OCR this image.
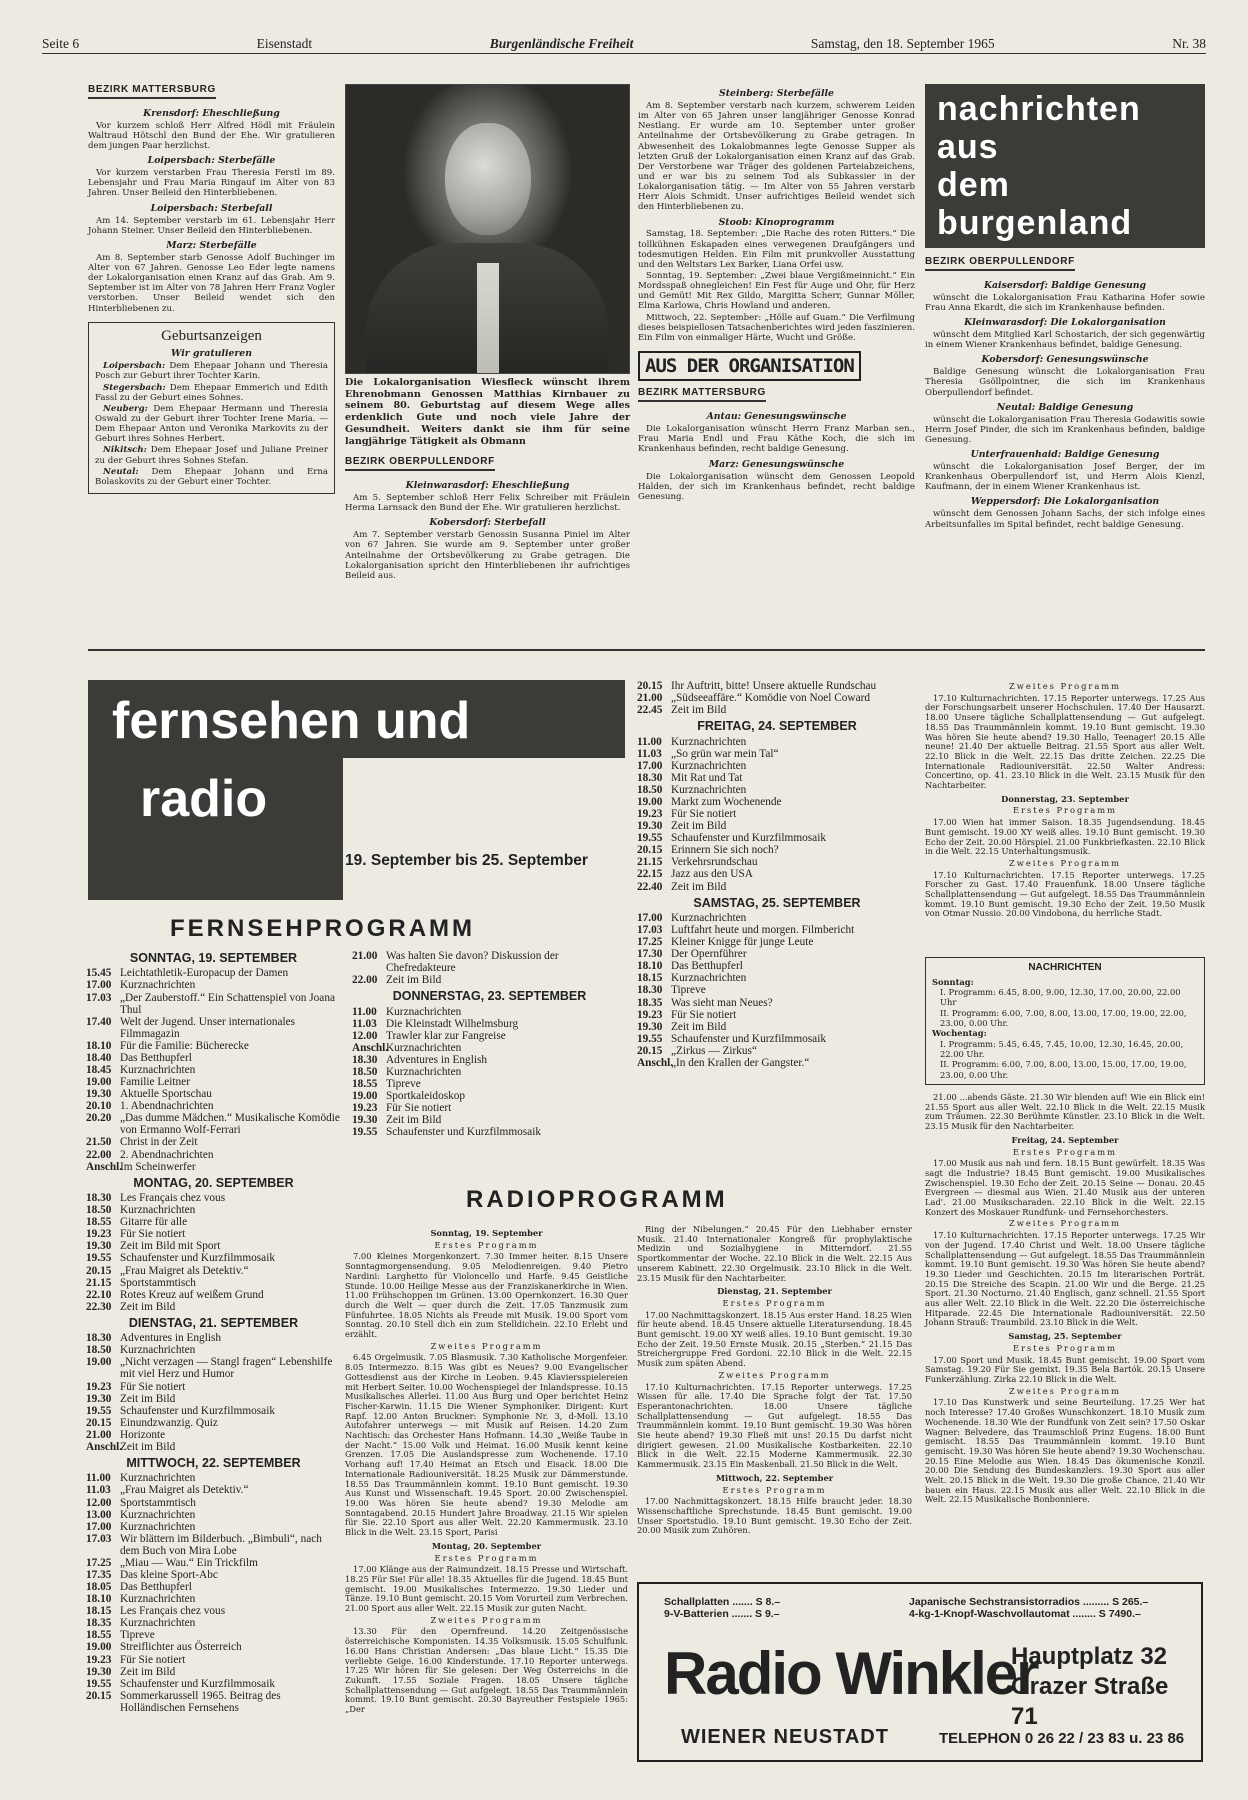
Seite 6	Eisenstadt	Burgenländische Freiheit	Samstag, den 18. September 1965	Nr. 38
BEZIRK MATTERSBURG
Krensdorf: Eheschließung
Vor kurzem schloß Herr Alfred Hödl mit Fräulein Waltraud Hötschl den Bund der Ehe. Wir gratulieren dem jungen Paar herzlichst.
Loipersbach: Sterbefälle
Vor kurzem verstarben Frau Theresia Ferstl im 89. Lebensjahr und Frau Maria Ringauf im Alter von 83 Jahren. Unser Beileid den Hinterbliebenen.
Loipersbach: Sterbefall
Am 14. September verstarb im 61. Lebensjahr Herr Johann Steiner. Unser Beileid den Hinterbliebenen.
Marz: Sterbefälle
Am 8. September starb Genosse Adolf Buchinger im Alter von 67 Jahren. Genosse Leo Eder legte namens der Lokalorganisation einen Kranz auf das Grab. Am 9. September ist im Alter von 78 Jahren Herr Franz Vogler verstorben. Unser Beileid wendet sich den Hinterbliebenen zu.
Geburtsanzeigen
Wir gratulieren
Loipersbach: Dem Ehepaar Johann und Theresia Posch zur Geburt ihrer Tochter Karin.
Stegersbach: Dem Ehepaar Emmerich und Edith Fassl zu der Geburt eines Sohnes.
Neuberg: Dem Ehepaar Hermann und Theresia Oswald zu der Geburt ihrer Tochter Irene Maria. — Dem Ehepaar Anton und Veronika Markovits zu der Geburt ihres Sohnes Herbert.
Nikitsch: Dem Ehepaar Josef und Juliane Preiner zu der Geburt ihres Sohnes Stefan.
Neutal: Dem Ehepaar Johann und Erna Bolaskovits zu der Geburt einer Tochter.
Die Lokalorganisation Wiesfleck wünscht ihrem Ehrenobmann Genossen Matthias Kirnbauer zu seinem 80. Geburtstag auf diesem Wege alles erdenklich Gute und noch viele Jahre der Gesundheit. Weiters dankt sie ihm für seine langjährige Tätigkeit als Obmann
BEZIRK OBERPULLENDORF
Kleinwarasdorf: Eheschließung
Am 5. September schloß Herr Felix Schreiber mit Fräulein Herma Larnsack den Bund der Ehe. Wir gratulieren herzlichst.
Kobersdorf: Sterbefall
Am 7. September verstarb Genossin Susanna Piniel im Alter von 67 Jahren. Sie wurde am 9. September unter großer Anteilnahme der Ortsbevölkerung zu Grabe getragen. Die Lokalorganisation spricht den Hinterbliebenen ihr aufrichtiges Beileid aus.
Steinberg: Sterbefälle
Am 8. September verstarb nach kurzem, schwerem Leiden im Alter von 65 Jahren unser langjähriger Genosse Konrad Nestlang. Er wurde am 10. September unter großer Anteilnahme der Ortsbevölkerung zu Grabe getragen. In Abwesenheit des Lokalobmannes legte Genosse Supper als letzten Gruß der Lokalorganisation einen Kranz auf das Grab. Der Verstorbene war Träger des goldenen Parteiabzeichens, und er war bis zu seinem Tod als Subkassier in der Lokalorganisation tätig. — Im Alter von 55 Jahren verstarb Herr Alois Schmidt. Unser aufrichtiges Beileid wendet sich den Hinterbliebenen zu.
Stoob: Kinoprogramm
Samstag, 18. September: „Die Rache des roten Ritters.“ Die tollkühnen Eskapaden eines verwegenen Draufgängers und todesmutigen Helden. Ein Film mit prunkvoller Ausstattung und den Weltstars Lex Barker, Liana Orfei usw.
Sonntag, 19. September: „Zwei blaue Vergißmeinnicht.“ Ein Mordsspaß ohnegleichen! Ein Fest für Auge und Ohr, für Herz und Gemüt! Mit Rex Gildo, Margitta Scherr, Gunnar Möller, Elma Karlowa, Chris Howland und anderen.
Mittwoch, 22. September: „Hölle auf Guam.“ Die Verfilmung dieses beispiellosen Tatsachenberichtes wird jeden faszinieren. Ein Film von einmaliger Härte, Wucht und Größe.
AUS DER ORGANISATION
BEZIRK MATTERSBURG
Antau: Genesungswünsche
Die Lokalorganisation wünscht Herrn Franz Marban sen., Frau Maria Endl und Frau Käthe Koch, die sich im Krankenhaus befinden, recht baldige Genesung.
Marz: Genesungswünsche
Die Lokalorganisation wünscht dem Genossen Leopold Halden, der sich im Krankenhaus befindet, recht baldige Genesung.
nachrichten
aus
dem
burgenland
BEZIRK OBERPULLENDORF
Kaisersdorf: Baldige Genesung
wünscht die Lokalorganisation Frau Katharina Hofer sowie Frau Anna Ekardt, die sich im Krankenhause befinden.
Kleinwarasdorf: Die Lokalorganisation
wünscht dem Mitglied Karl Schostarich, der sich gegenwärtig in einem Wiener Krankenhaus befindet, baldige Genesung.
Kobersdorf: Genesungswünsche
Baldige Genesung wünscht die Lokalorganisation Frau Theresia Gsöllpointner, die sich im Krankenhaus Oberpullendorf befindet.
Neutal: Baldige Genesung
wünscht die Lokalorganisation Frau Theresia Godawitis sowie Herrn Josef Pinder, die sich im Krankenhaus befinden, baldige Genesung.
Unterfrauenhaid: Baldige Genesung
wünscht die Lokalorganisation Josef Berger, der im Krankenhaus Oberpullendorf ist, und Herrn Alois Kienzl, Kaufmann, der in einem Wiener Krankenhaus ist.
Weppersdorf: Die Lokalorganisation
wünscht dem Genossen Johann Sachs, der sich infolge eines Arbeitsunfalles im Spital befindet, recht baldige Genesung.
fernsehen und
radio
19. September bis 25. September
FERNSEHPROGRAMM
SONNTAG, 19. SEPTEMBER
15.45 Leichtathletik-Europacup der Damen
17.00 Kurznachrichten
17.03 „Der Zauberstoff.“ Ein Schattenspiel von Joana Thul
17.40 Welt der Jugend. Unser internationales Filmmagazin
18.10 Für die Familie: Bücherecke
18.40 Das Betthupferl
18.45 Kurznachrichten
19.00 Familie Leitner
19.30 Aktuelle Sportschau
20.10 1. Abendnachrichten
20.20 „Das dumme Mädchen.“ Musikalische Komödie von Ermanno Wolf-Ferrari
21.50 Christ in der Zeit
22.00 2. Abendnachrichten
Anschl.Im Scheinwerfer
MONTAG, 20. SEPTEMBER
18.30 Les Français chez vous
18.50 Kurznachrichten
18.55 Gitarre für alle
19.23 Für Sie notiert
19.30 Zeit im Bild mit Sport
19.55 Schaufenster und Kurzfilmmosaik
20.15 „Frau Maigret als Detektiv.“
21.15 Sportstammtisch
22.10 Rotes Kreuz auf weißem Grund
22.30 Zeit im Bild
DIENSTAG, 21. SEPTEMBER
18.30 Adventures in English
18.50 Kurznachrichten
19.00 „Nicht verzagen — Stangl fragen“ Lebenshilfe mit viel Herz und Humor
19.23 Für Sie notiert
19.30 Zeit im Bild
19.55 Schaufenster und Kurzfilmmosaik
20.15 Einundzwanzig. Quiz
21.00 Horizonte
Anschl.Zeit im Bild
MITTWOCH, 22. SEPTEMBER
11.00 Kurznachrichten
11.03 „Frau Maigret als Detektiv.“
12.00 Sportstammtisch
13.00 Kurznachrichten
17.00 Kurznachrichten
17.03 Wir blättern im Bilderbuch. „Bimbuli“, nach dem Buch von Mira Lobe
17.25 „Miau — Wau.“ Ein Trickfilm
17.35 Das kleine Sport-Abc
18.05 Das Betthupferl
18.10 Kurznachrichten
18.15 Les Français chez vous
18.35 Kurznachrichten
18.55 Tipreve
19.00 Streiflichter aus Österreich
19.23 Für Sie notiert
19.30 Zeit im Bild
19.55 Schaufenster und Kurzfilmmosaik
20.15 Sommerkarussell 1965. Beitrag des Holländischen Fernsehens
21.00 Was halten Sie davon? Diskussion der Chefredakteure
22.00 Zeit im Bild
DONNERSTAG, 23. SEPTEMBER
11.00 Kurznachrichten
11.03 Die Kleinstadt Wilhelmsburg
12.00 Trawler klar zur Fangreise
Anschl.Kurznachrichten
18.30 Adventures in English
18.50 Kurznachrichten
18.55 Tipreve
19.00 Sportkaleidoskop
19.23 Für Sie notiert
19.30 Zeit im Bild
19.55 Schaufenster und Kurzfilmmosaik
20.15 Ihr Auftritt, bitte! Unsere aktuelle Rundschau
21.00 „Südseeaffäre.“ Komödie von Noel Coward
22.45 Zeit im Bild
FREITAG, 24. SEPTEMBER
11.00 Kurznachrichten
11.03 „So grün war mein Tal“
17.00 Kurznachrichten
18.30 Mit Rat und Tat
18.50 Kurznachrichten
19.00 Markt zum Wochenende
19.23 Für Sie notiert
19.30 Zeit im Bild
19.55 Schaufenster und Kurzfilmmosaik
20.15 Erinnern Sie sich noch?
21.15 Verkehrsrundschau
22.15 Jazz aus den USA
22.40 Zeit im Bild
SAMSTAG, 25. SEPTEMBER
17.00 Kurznachrichten
17.03 Luftfahrt heute und morgen. Filmbericht
17.25 Kleiner Knigge für junge Leute
17.30 Der Opernführer
18.10 Das Betthupferl
18.15 Kurznachrichten
18.30 Tipreve
18.35 Was sieht man Neues?
19.23 Für Sie notiert
19.30 Zeit im Bild
19.55 Schaufenster und Kurzfilmmosaik
20.15 „Zirkus — Zirkus“
Anschl.„In den Krallen der Gangster.“
RADIOPROGRAMM
Sonntag, 19. September
Erstes Programm
7.00 Kleines Morgenkonzert. 7.30 Immer heiter. 8.15 Unsere Sonntagmorgensendung. 9.05 Melodienreigen. 9.40 Pietro Nardini: Larghetto für Violoncello und Harfe. 9.45 Geistliche Stunde. 10.00 Heilige Messe aus der Franziskanerkirche in Wien. 11.00 Frühschoppen im Grünen. 13.00 Opernkonzert. 16.30 Quer durch die Welt — quer durch die Zeit. 17.05 Tanzmusik zum Fünfuhrtee. 18.05 Nichts als Freude mit Musik. 19.00 Sport vom Sonntag. 20.10 Stell dich ein zum Stelldichein. 22.10 Erlebt und erzählt.
Zweites Programm
6.45 Orgelmusik. 7.05 Blasmusik. 7.30 Katholische Morgenfeier. 8.05 Intermezzo. 8.15 Was gibt es Neues? 9.00 Evangelischer Gottesdienst aus der Kirche in Leoben. 9.45 Klaviersspielereien mit Herbert Seiter. 10.00 Wochenspiegel der Inlandspresse. 10.15 Musikalisches Allerlei. 11.00 Aus Burg und Oper berichtet Heinz Fischer-Karwin. 11.15 Die Wiener Symphoniker. Dirigent: Kurt Rapf. 12.00 Anton Bruckner: Symphonie Nr. 3, d-Moll. 13.10 Autofahrer unterwegs — mit Musik auf Reisen. 14.20 Zum Nachtisch: das Orchester Hans Hofmann. 14.30 „Weiße Taube in der Nacht.“ 15.00 Volk und Heimat. 16.00 Musik kennt keine Grenzen. 17.05 Die Auslandspresse zum Wochenende. 17.10 Vorhang auf! 17.40 Heimat an Etsch und Eisack. 18.00 Die Internationale Radiouniversität. 18.25 Musik zur Dämmerstunde. 18.55 Das Traummännlein kommt. 19.10 Bunt gemischt. 19.30 Aus Kunst und Wissenschaft. 19.45 Sport. 20.00 Zwischenspiel. 19.00 Was hören Sie heute abend? 19.30 Melodie am Sonntagabend. 20.15 Hundert Jahre Broadway. 21.15 Wir spielen für Sie. 22.10 Sport aus aller Welt. 22.20 Kammermusik. 23.10 Blick in die Welt. 23.15 Sport, Parisi
Montag, 20. September
Erstes Programm
17.00 Klänge aus der Raimundzeit. 18.15 Presse und Wirtschaft. 18.25 Für Sie! Für alle! 18.35 Aktuelles für die Jugend. 18.45 Bunt gemischt. 19.00 Musikalisches Intermezzo. 19.30 Lieder und Tänze. 19.10 Bunt gemischt. 20.15 Vom Vorurteil zum Verbrechen. 21.00 Sport aus aller Welt. 22.15 Musik zur guten Nacht.
Zweites Programm
13.30 Für den Opernfreund. 14.20 Zeitgenössische österreichische Komponisten. 14.35 Volksmusik. 15.05 Schulfunk. 16.00 Hans Christian Andersen: „Das blaue Licht.“ 15.35 Die verliebte Geige. 16.00 Kinderstunde. 17.10 Reporter unterwegs. 17.25 Wir hören für Sie gelesen: Der Weg Österreichs in die Zukunft. 17.55 Soziale Fragen. 18.05 Unsere tägliche Schallplattensendung — Gut aufgelegt. 18.55 Das Traummännlein kommt. 19.10 Bunt gemischt. 20.30 Bayreuther Festspiele 1965: „Der
Ring der Nibelungen.“ 20.45 Für den Liebhaber ernster Musik. 21.40 Internationaler Kongreß für prophylaktische Medizin und Sozialhygiene in Mitterndorf. 21.55 Sportkommentar der Woche. 22.10 Blick in die Welt. 22.15 Aus unserem Kabinett. 22.30 Orgelmusik. 23.10 Blick in die Welt. 23.15 Musik für den Nachtarbeiter.
Dienstag, 21. September
Erstes Programm
17.00 Nachmittagskonzert. 18.15 Aus erster Hand. 18.25 Wien für heute abend. 18.45 Unsere aktuelle Literatursendung. 18.45 Bunt gemischt. 19.00 XY weiß alles. 19.10 Bunt gemischt. 19.30 Echo der Zeit. 19.50 Ernste Musik. 20.15 „Sterben.“ 21.15 Das Streichergruppe Fred Gordoni. 22.10 Blick in die Welt. 22.15 Musik zum späten Abend.
Zweites Programm
17.10 Kulturnachrichten. 17.15 Reporter unterwegs. 17.25 Wissen für alle. 17.40 Die Sprache folgt der Tat. 17.50 Esperantonachrichten. 18.00 Unsere tägliche Schallplattensendung — Gut aufgelegt. 18.55 Das Traummännlein kommt. 19.10 Bunt gemischt. 19.30 Was hören Sie heute abend? 19.30 Fließ mit uns! 20.15 Du darfst nicht dirigiert gewesen. 21.00 Musikalische Kostbarkeiten. 22.10 Blick in die Welt. 22.15 Moderne Kammermusik. 22.30 Kammermusik. 23.15 Ein Maskenball. 21.50 Blick in die Welt.
Mittwoch, 22. September
Erstes Programm
17.00 Nachmittagskonzert. 18.15 Hilfe braucht jeder. 18.30 Wissenschaftliche Sprechstunde. 18.45 Bunt gemischt. 19.00 Unser Sportstudio. 19.10 Bunt gemischt. 19.30 Echo der Zeit. 20.00 Musik zum Zuhören.
Zweites Programm
17.10 Kulturnachrichten. 17.15 Reporter unterwegs. 17.25 Aus der Forschungsarbeit unserer Hochschulen. 17.40 Der Hausarzt. 18.00 Unsere tägliche Schallplattensendung — Gut aufgelegt. 18.55 Das Traummännlein kommt. 19.10 Bunt gemischt. 19.30 Was hören Sie heute abend? 19.30 Hallo, Teenager! 20.15 Alle neune! 21.40 Der aktuelle Beitrag. 21.55 Sport aus aller Welt. 22.10 Blick in die Welt. 22.15 Das dritte Zeichen. 22.25 Die Internationale Radiouniversität. 22.50 Walter Andress: Concertino, op. 41. 23.10 Blick in die Welt. 23.15 Musik für den Nachtarbeiter.
Donnerstag, 23. September
Erstes Programm
17.00 Wien hat immer Saison. 18.35 Jugendsendung. 18.45 Bunt gemischt. 19.00 XY weiß alles. 19.10 Bunt gemischt. 19.30 Echo der Zeit. 20.00 Hörspiel. 21.00 Funkbriefkasten. 22.10 Blick in die Welt. 22.15 Unterhaltungsmusik.
Zweites Programm
17.10 Kulturnachrichten. 17.15 Reporter unterwegs. 17.25 Forscher zu Gast. 17.40 Frauenfunk. 18.00 Unsere tägliche Schallplattensendung — Gut aufgelegt. 18.55 Das Traummännlein kommt. 19.10 Bunt gemischt. 19.30 Echo der Zeit. 19.50 Musik von Otmar Nussio. 20.00 Vindobona, du herrliche Stadt.
NACHRICHTEN
Sonntag:
I. Programm: 6.45, 8.00, 9.00, 12.30, 17.00, 20.00, 22.00 Uhr
II. Programm: 6.00, 7.00, 8.00, 13.00, 17.00, 19.00, 22.00, 23.00, 0.00 Uhr.
Wochentag:
I. Programm: 5.45, 6.45, 7.45, 10.00, 12.30, 16.45, 20.00, 22.00 Uhr.
II. Programm: 6.00, 7.00, 8.00, 13.00, 15.00, 17.00, 19.00, 23.00, 0.00 Uhr.
21.00 ...abends Gäste. 21.30 Wir blenden auf! Wie ein Blick ein! 21.55 Sport aus aller Welt. 22.10 Blick in die Welt. 22.15 Musik zum Träumen. 22.30 Berühmte Künstler. 23.10 Blick in die Welt. 23.15 Musik für den Nachtarbeiter.
Freitag, 24. September
Erstes Programm
17.00 Musik aus nah und fern. 18.15 Bunt gewürfelt. 18.35 Was sagt die Industrie? 18.45 Bunt gemischt. 19.00 Musikalisches Zwischenspiel. 19.30 Echo der Zeit. 20.15 Seine — Donau. 20.45 Evergreen — diesmal aus Wien. 21.40 Musik aus der unteren Lad'. 21.00 Musikscharaden. 22.10 Blick in die Welt. 22.15 Konzert des Moskauer Rundfunk- und Fernsehorchesters.
Zweites Programm
17.10 Kulturnachrichten. 17.15 Reporter unterwegs. 17.25 Wir von der Jugend. 17.40 Christ und Welt. 18.00 Unsere tägliche Schallplattensendung — Gut aufgelegt. 18.55 Das Traummännlein kommt. 19.10 Bunt gemischt. 19.30 Was hören Sie heute abend? 19.30 Lieder und Geschichten. 20.15 Im literarischen Porträt. 20.15 Die Streiche des Scapin. 21.00 Wir und die Berge. 21.25 Sport. 21.30 Nocturno. 21.40 Englisch, ganz schnell. 21.55 Sport aus aller Welt. 22.10 Blick in die Welt. 22.20 Die österreichische Hitparade. 22.45 Die Internationale Radiouniversität. 22.50 Johann Strauß: Traumbild. 23.10 Blick in die Welt.
Samstag, 25. September
Erstes Programm
17.00 Sport und Musik. 18.45 Bunt gemischt. 19.00 Sport vom Samstag. 19.20 Für Sie gemixt. 19.35 Bela Bartók. 20.15 Unsere Funkerzählung. Zirka 22.10 Blick in die Welt.
Zweites Programm
17.10 Das Kunstwerk und seine Beurteilung. 17.25 Wer hat noch Interesse? 17.40 Großes Wunschkonzert. 18.10 Musik zum Wochenende. 18.30 Wie der Rundfunk von Zeit sein? 17.50 Oskar Wagner: Belvedere, das Traumschloß Prinz Eugens. 18.00 Bunt gemischt. 18.55 Das Traummännlein kommt. 19.10 Bunt gemischt. 19.30 Was hören Sie heute abend? 19.30 Wochenschau. 20.15 Eine Melodie aus Wien. 18.45 Das ökumenische Konzil. 20.00 Die Sendung des Bundeskanzlers. 19.30 Sport aus aller Welt. 20.15 Blick in die Welt. 19.30 Die große Chance. 21.40 Wir bauen ein Haus. 22.15 Musik aus aller Welt. 22.10 Blick in die Welt. 22.15 Musikalische Bonbonniere.
Schallplatten ....... S 8.–
9-V-Batterien ....... S 9.–
Japanische Sechstransistorradios ......... S 265.–
4-kg-1-Knopf-Waschvollautomat ........ S 7490.–
Radio Winkler
Hauptplatz 32
Grazer Straße 71
WIENER NEUSTADT	TELEPHON 0 26 22 / 23 83 u. 23 86
